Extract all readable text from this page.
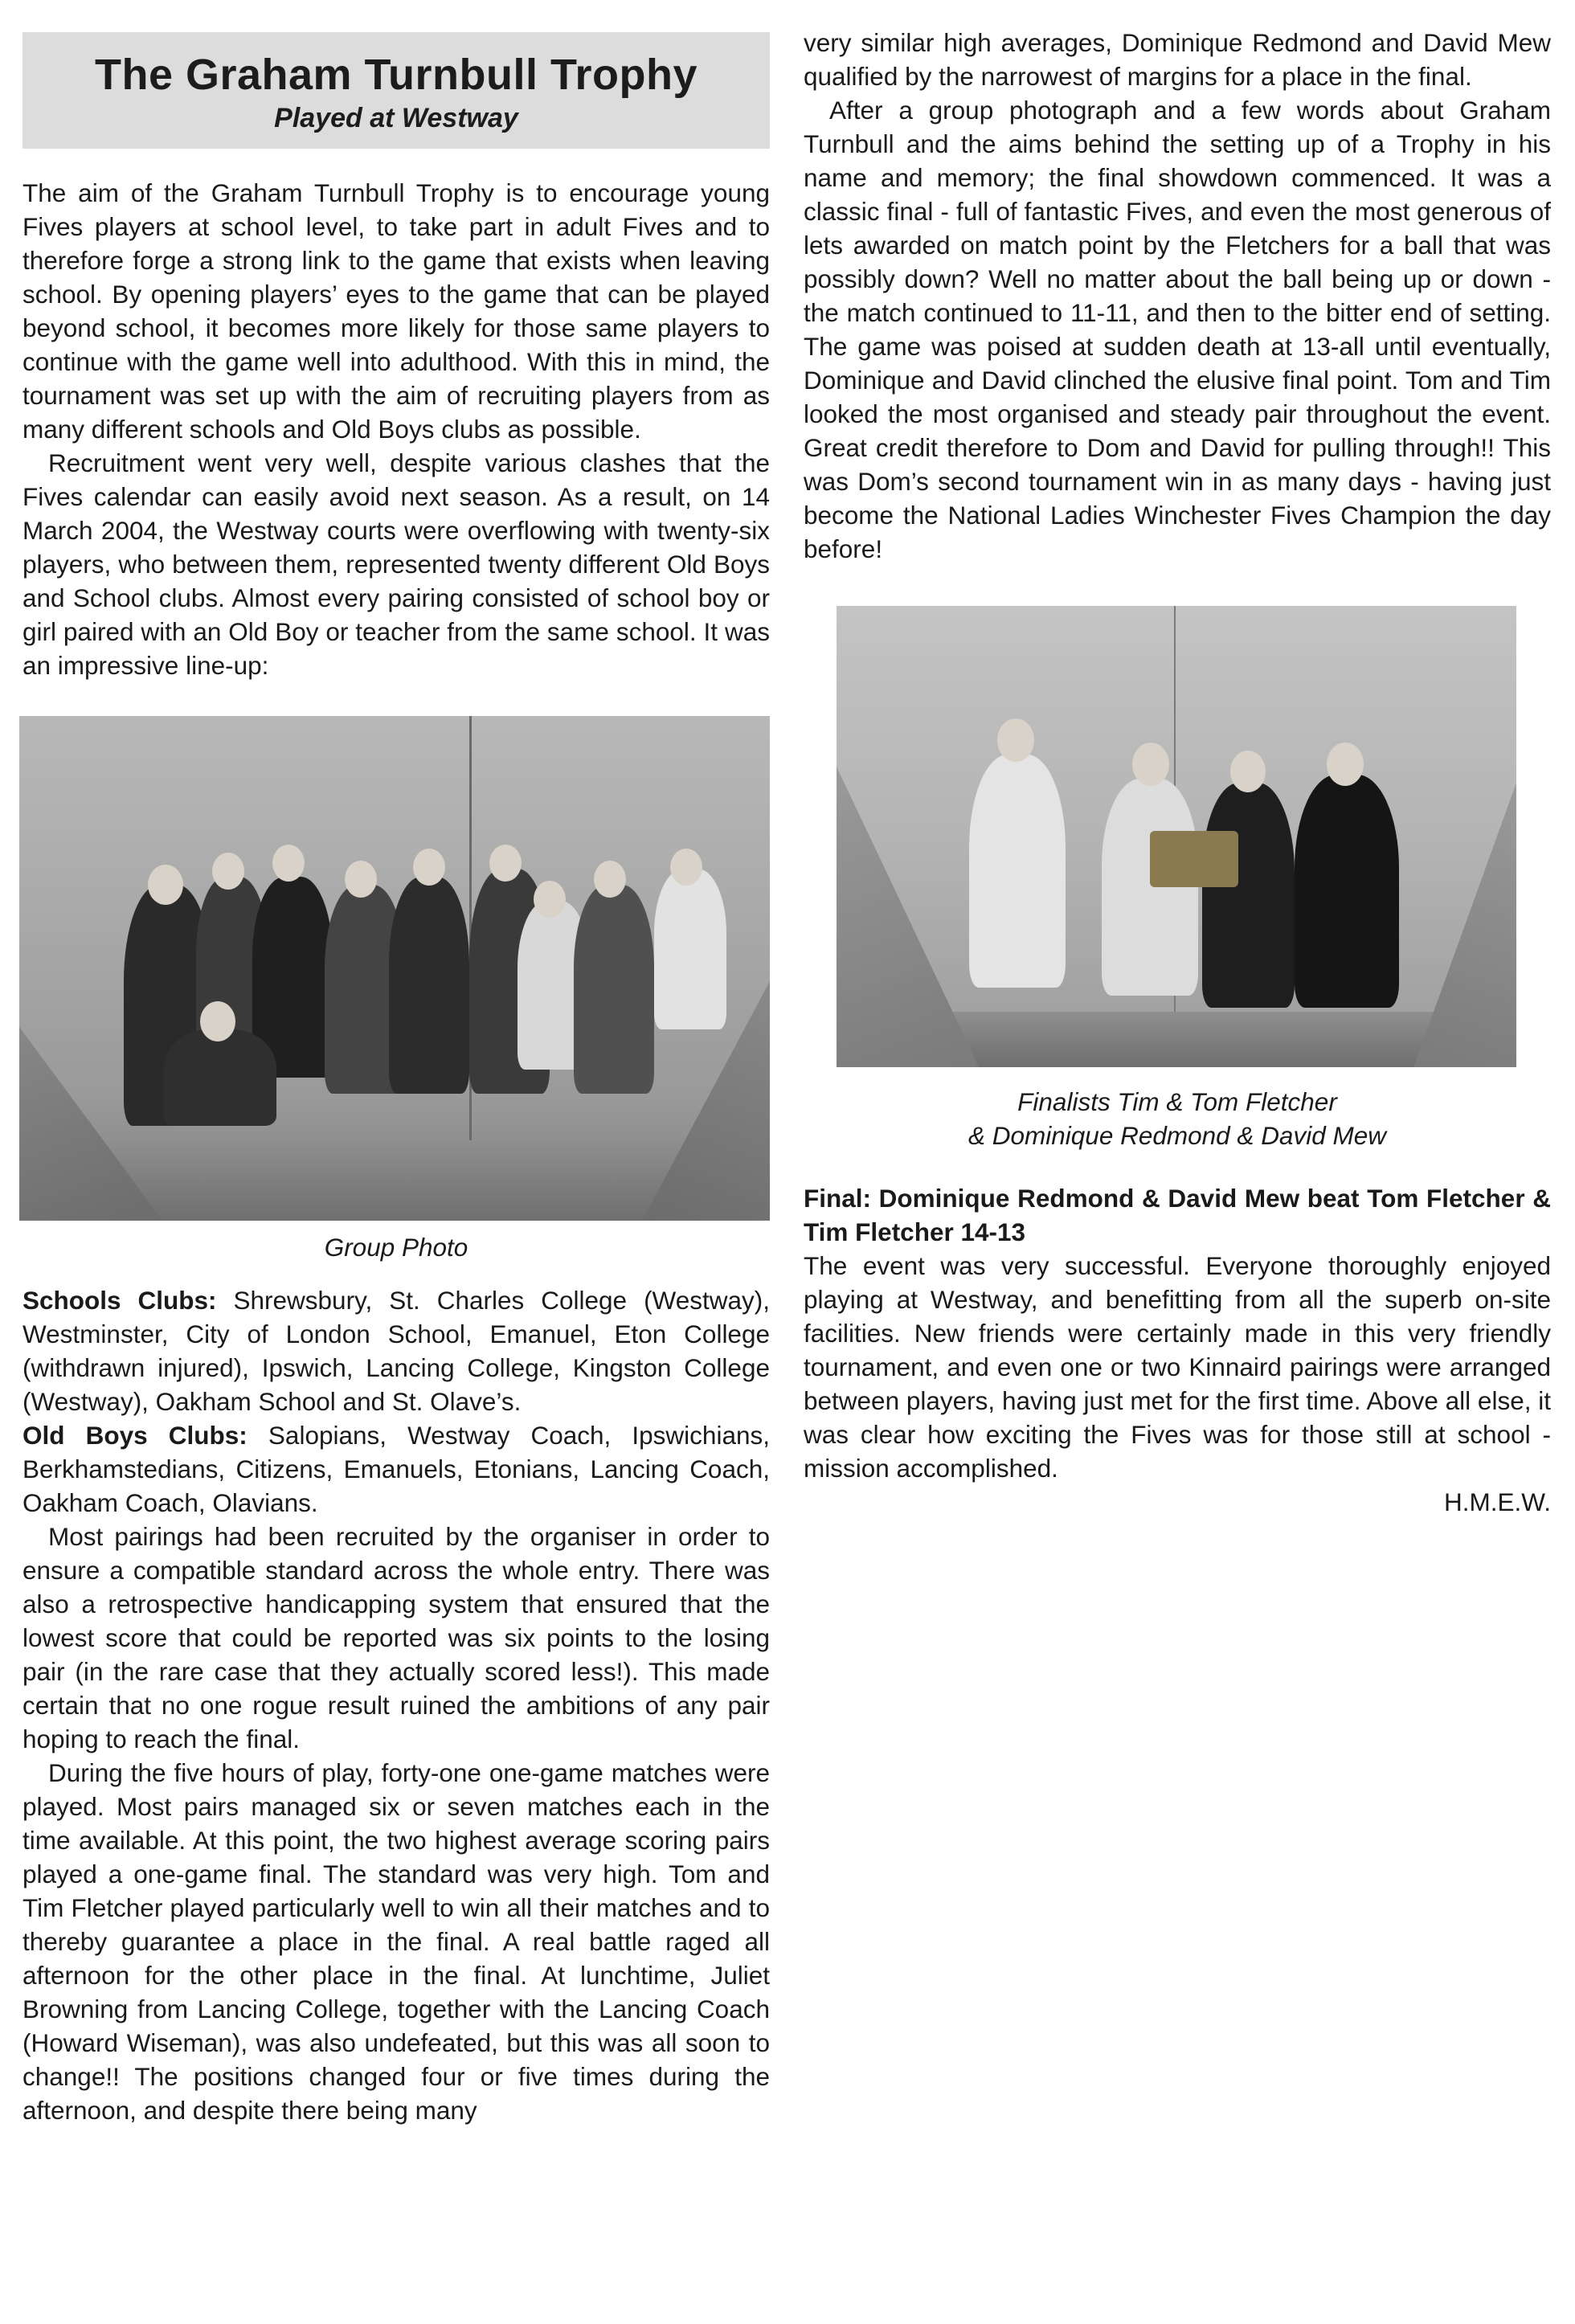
The Graham Turnbull Trophy
Played at Westway

The aim of the Graham Turnbull Trophy is to encourage young Fives players at school level, to take part in adult Fives and to therefore forge a strong link to the game that exists when leaving school. By opening players’ eyes to the game that can be played beyond school, it becomes more likely for those same players to continue with the game well into adulthood. With this in mind, the tournament was set up with the aim of recruiting players from as many different schools and Old Boys clubs as possible.

Recruitment went very well, despite various clashes that the Fives calendar can easily avoid next season. As a result, on 14 March 2004, the Westway courts were overflowing with twenty-six players, who between them, represented twenty different Old Boys and School clubs. Almost every pairing consisted of school boy or girl paired with an Old Boy or teacher from the same school. It was an impressive line-up:

Group Photo

Schools Clubs: Shrewsbury, St. Charles College (Westway), Westminster, City of London School, Emanuel, Eton College (withdrawn injured), Ipswich, Lancing College, Kingston College (Westway), Oakham School and St. Olave’s.

Old Boys Clubs: Salopians, Westway Coach, Ipswichians, Berkhamstedians, Citizens, Emanuels, Etonians, Lancing Coach, Oakham Coach, Olavians.

Most pairings had been recruited by the organiser in order to ensure a compatible standard across the whole entry. There was also a retrospective handicapping system that ensured that the lowest score that could be reported was six points to the losing pair (in the rare case that they actually scored less!). This made certain that no one rogue result ruined the ambitions of any pair hoping to reach the final.

During the five hours of play, forty-one one-game matches were played. Most pairs managed six or seven matches each in the time available. At this point, the two highest average scoring pairs played a one-game final. The standard was very high. Tom and Tim Fletcher played particularly well to win all their matches and to thereby guarantee a place in the final. A real battle raged all afternoon for the other place in the final. At lunchtime, Juliet Browning from Lancing College, together with the Lancing Coach (Howard Wiseman), was also undefeated, but this was all soon to change!! The positions changed four or five times during the afternoon, and despite there being many

very similar high averages, Dominique Redmond and David Mew qualified by the narrowest of margins for a place in the final.

After a group photograph and a few words about Graham Turnbull and the aims behind the setting up of a Trophy in his name and memory; the final showdown commenced. It was a classic final - full of fantastic Fives, and even the most generous of lets awarded on match point by the Fletchers for a ball that was possibly down? Well no matter about the ball being up or down - the match continued to 11-11, and then to the bitter end of setting. The game was poised at sudden death at 13-all until eventually, Dominique and David clinched the elusive final point. Tom and Tim looked the most organised and steady pair throughout the event. Great credit therefore to Dom and David for pulling through!! This was Dom’s second tournament win in as many days - having just become the National Ladies Winchester Fives Champion the day before!

Finalists Tim & Tom Fletcher
& Dominique Redmond & David Mew

Final: Dominique Redmond & David Mew beat Tom Fletcher & Tim Fletcher 14-13

The event was very successful. Everyone thoroughly enjoyed playing at Westway, and benefitting from all the superb on-site facilities. New friends were certainly made in this very friendly tournament, and even one or two Kinnaird pairings were arranged between players, having just met for the first time. Above all else, it was clear how exciting the Fives was for those still at school - mission accomplished.

H.M.E.W.
